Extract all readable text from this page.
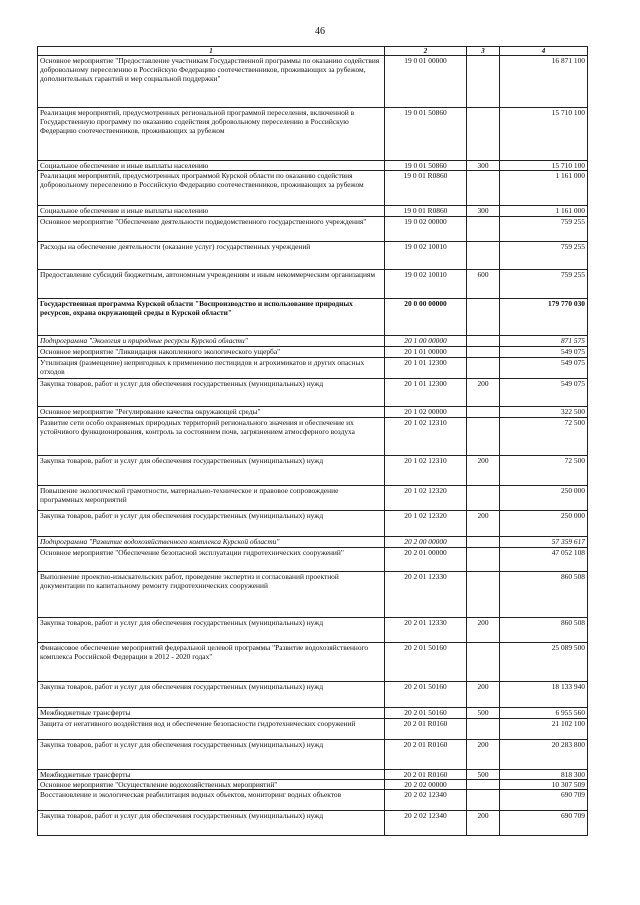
46
1	2	3	4
Основное мероприятие "Предоставление участникам Государственной программы по оказанию содействия добровольному переселению в Российскую Федерацию соотечественников, проживающих за рубежом, дополнительных гарантий и мер социальной поддержки"	19 0 01 00000		16 871 100
Реализация мероприятий, предусмотренных региональной программой переселения, включенной в Государственную программу по оказанию содействия добровольному переселению в Российскую Федерацию соотечественников, проживающих за рубежом	19 0 01 50860		15 710 100
Социальное обеспечение и иные выплаты населению	19 0 01 50860	300	15 710 100
Реализация мероприятий, предусмотренных программой Курской области по оказанию содействия добровольному переселению в Российскую Федерацию соотечественников, проживающих за рубежом	19 0 01 R0860		1 161 000
Социальное обеспечение и иные выплаты населению	19 0 01 R0860	300	1 161 000
Основное мероприятие "Обеспечение деятельности подведомственного государственного учреждения"	19 0 02 00000		759 255
Расходы на обеспечение деятельности (оказание услуг) государственных учреждений	19 0 02 10010		759 255
Предоставление субсидий бюджетным, автономным учреждениям и иным некоммерческим организациям	19 0 02 10010	600	759 255
Государственная программа Курской области "Воспроизводство и использование природных ресурсов, охрана окружающей среды в Курской области"	20 0 00 00000		179 770 030
Подпрограмма "Экология и природные ресурсы Курской области"	20 1 00 00000		871 575
Основное мероприятие "Ликвидация накопленного экологического ущерба"	20 1 01 00000		549 075
Утилизация (размещение) непригодных к применению пестицидов и агрохимикатов и других опасных отходов	20 1 01 12300		549 075
Закупка товаров, работ и услуг для обеспечения государственных (муниципальных) нужд	20 1 01 12300	200	549 075
Основное мероприятие "Регулирование качества окружающей среды"	20 1 02 00000		322 500
Развитие сети особо охраняемых природных территорий регионального значения и обеспечение их устойчивого функционирования, контроль за состоянием почв, загрязнением атмосферного воздуха	20 1 02 12310		72 500
Закупка товаров, работ и услуг для обеспечения государственных (муниципальных) нужд	20 1 02 12310	200	72 500
Повышение экологической грамотности, материально-техническое и правовое сопровождение программных мероприятий	20 1 02 12320		250 000
Закупка товаров, работ и услуг для обеспечения государственных (муниципальных) нужд	20 1 02 12320	200	250 000
Подпрограмма "Развитие водохозяйственного комплекса Курской области"	20 2 00 00000		57 359 617
Основное мероприятие "Обеспечение безопасной эксплуатации гидротехнических сооружений"	20 2 01 00000		47 052 108
Выполнение проектно-изыскательских работ, проведение экспертиз и согласований проектной документации по капитальному ремонту гидротехнических сооружений	20 2 01 12330		860 508
Закупка товаров, работ и услуг для обеспечения государственных (муниципальных) нужд	20 2 01 12330	200	860 508
Финансовое обеспечение мероприятий федеральной целевой программы "Развитие водохозяйственного комплекса Российской Федерации в 2012 - 2020 годах"	20 2 01 50160		25 089 500
Закупка товаров, работ и услуг для обеспечения государственных (муниципальных) нужд	20 2 01 50160	200	18 133 940
Межбюджетные трансферты	20 2 01 50160	500	6 955 560
Защита от негативного воздействия вод и обеспечение безопасности гидротехнических сооружений	20 2 01 R0160		21 102 100
Закупка товаров, работ и услуг для обеспечения государственных (муниципальных) нужд	20 2 01 R0160	200	20 283 800
Межбюджетные трансферты	20 2 01 R0160	500	818 300
Основное мероприятие "Осуществление водохозяйственных мероприятий"	20 2 02 00000		10 307 509
Восстановление и экологическая реабилитация водных объектов, мониторинг водных объектов	20 2 02 12340		690 709
Закупка товаров, работ и услуг для обеспечения государственных (муниципальных) нужд	20 2 02 12340	200	690 709
